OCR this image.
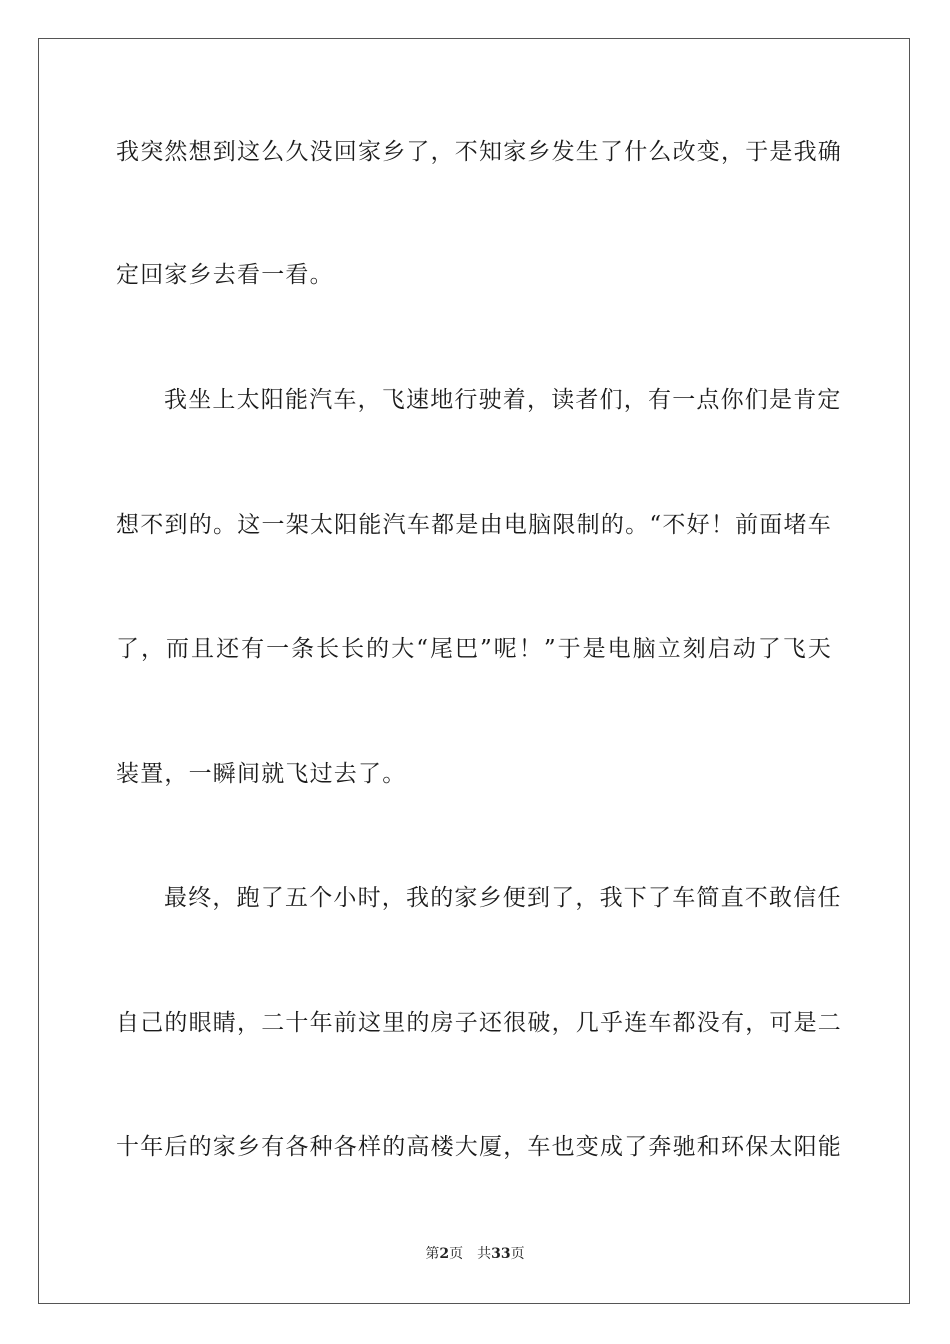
我突然想到这么久没回家乡了，不知家乡发生了什么改变，于是我确
定回家乡去看一看。
我坐上太阳能汽车，飞速地行驶着，读者们，有一点你们是肯定
想不到的。这一架太阳能汽车都是由电脑限制的。“不好！前面堵车
了，而且还有一条长长的大“尾巴”呢！”于是电脑立刻启动了飞天
装置，一瞬间就飞过去了。
最终，跑了五个小时，我的家乡便到了，我下了车简直不敢信任
自己的眼睛，二十年前这里的房子还很破，几乎连车都没有，可是二
十年后的家乡有各种各样的高楼大厦，车也变成了奔驰和环保太阳能
第2页 共33页
